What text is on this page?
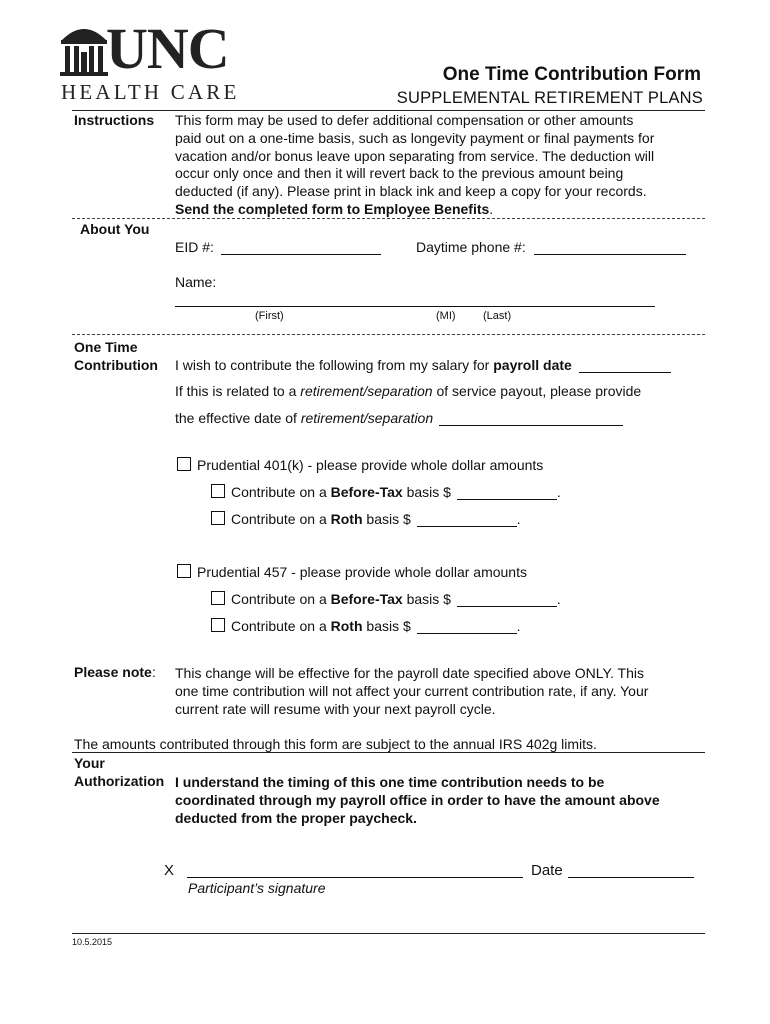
UNC
HEALTH CARE
One Time Contribution Form
SUPPLEMENTAL RETIREMENT PLANS
Instructions This form may be used to defer additional compensation or other amounts
paid out on a one-time basis, such as longevity payment or final payments for
vacation and/or bonus leave upon separating from service. The deduction will
occur only once and then it will revert back to the previous amount being
deducted (if any). Please print in black ink and keep a copy for your records.
Send the completed form to Employee Benefits.
About You
EID #:	Daytime phone #:
Name:
(First)	(MI) (Last)
One Time
Contribution I wish to contribute the following from my salary for payroll date
If this is related to a retirement/separation of service payout, please provide
the effective date of retirement/separation
Prudential 401(k) - please provide whole dollar amounts
Contribute on a Before-Tax basis $	.
Contribute on a Roth basis $	.
Prudential 457 - please provide whole dollar amounts
Contribute on a Before-Tax basis $	.
Contribute on a Roth basis $	.
Please note: This change will be effective for the payroll date specified above ONLY. This
one time contribution will not affect your current contribution rate, if any. Your
current rate will resume with your next payroll cycle.
The amounts contributed through this form are subject to the annual IRS 402g limits.
Your
Authorization I understand the timing of this one time contribution needs to be
coordinated through my payroll office in order to have the amount above
deducted from the proper paycheck.
X	Date
Participant’s signature
10.5.2015
